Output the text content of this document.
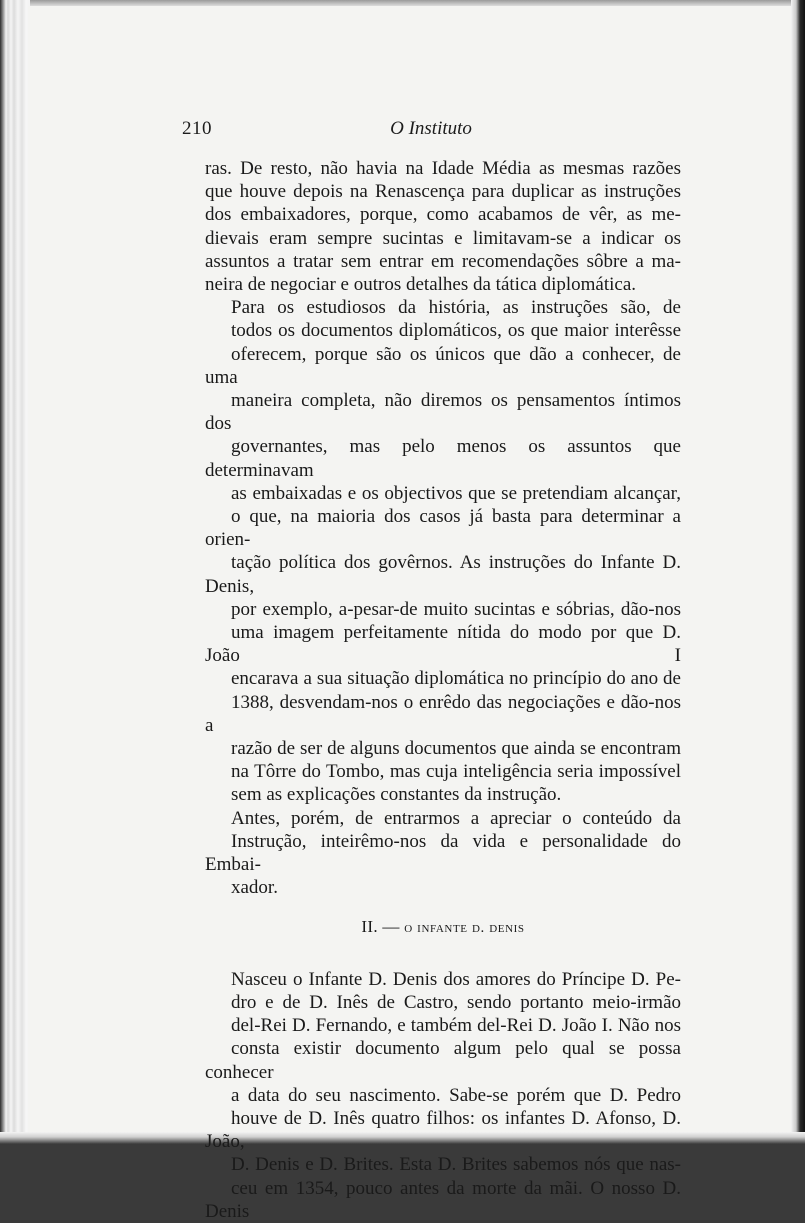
210	O Instituto
ras. De resto, não havia na Idade Média as mesmas razões
que houve depois na Renascença para duplicar as instruções
dos embaixadores, porque, como acabamos de vêr, as me-
dievais eram sempre sucintas e limitavam-se a indicar os
assuntos a tratar sem entrar em recomendações sôbre a ma-
neira de negociar e outros detalhes da tática diplomática.
Para os estudiosos da história, as instruções são, de
todos os documentos diplomáticos, os que maior interêsse
oferecem, porque são os únicos que dão a conhecer, de uma
maneira completa, não diremos os pensamentos íntimos dos
governantes, mas pelo menos os assuntos que determinavam
as embaixadas e os objectivos que se pretendiam alcançar,
o que, na maioria dos casos já basta para determinar a orien-
tação política dos govêrnos. As instruções do Infante D. Denis,
por exemplo, a-pesar-de muito sucintas e sóbrias, dão-nos
uma imagem perfeitamente nítida do modo por que D. João I
encarava a sua situação diplomática no princípio do ano de
1388, desvendam-nos o enrêdo das negociações e dão-nos a
razão de ser de alguns documentos que ainda se encontram
na Tôrre do Tombo, mas cuja inteligência seria impossível
sem as explicações constantes da instrução.
Antes, porém, de entrarmos a apreciar o conteúdo da
Instrução, inteirêmo-nos da vida e personalidade do Embai-
xador.
II. — o infante d. denis
Nasceu o Infante D. Denis dos amores do Príncipe D. Pe-
dro e de D. Inês de Castro, sendo portanto meio-irmão
del-Rei D. Fernando, e também del-Rei D. João I. Não nos
consta existir documento algum pelo qual se possa conhecer
a data do seu nascimento. Sabe-se porém que D. Pedro
houve de D. Inês quatro filhos: os infantes D. Afonso, D. João,
D. Denis e D. Brites. Esta D. Brites sabemos nós que nas-
ceu em 1354, pouco antes da morte da mãi. O nosso D. Denis
